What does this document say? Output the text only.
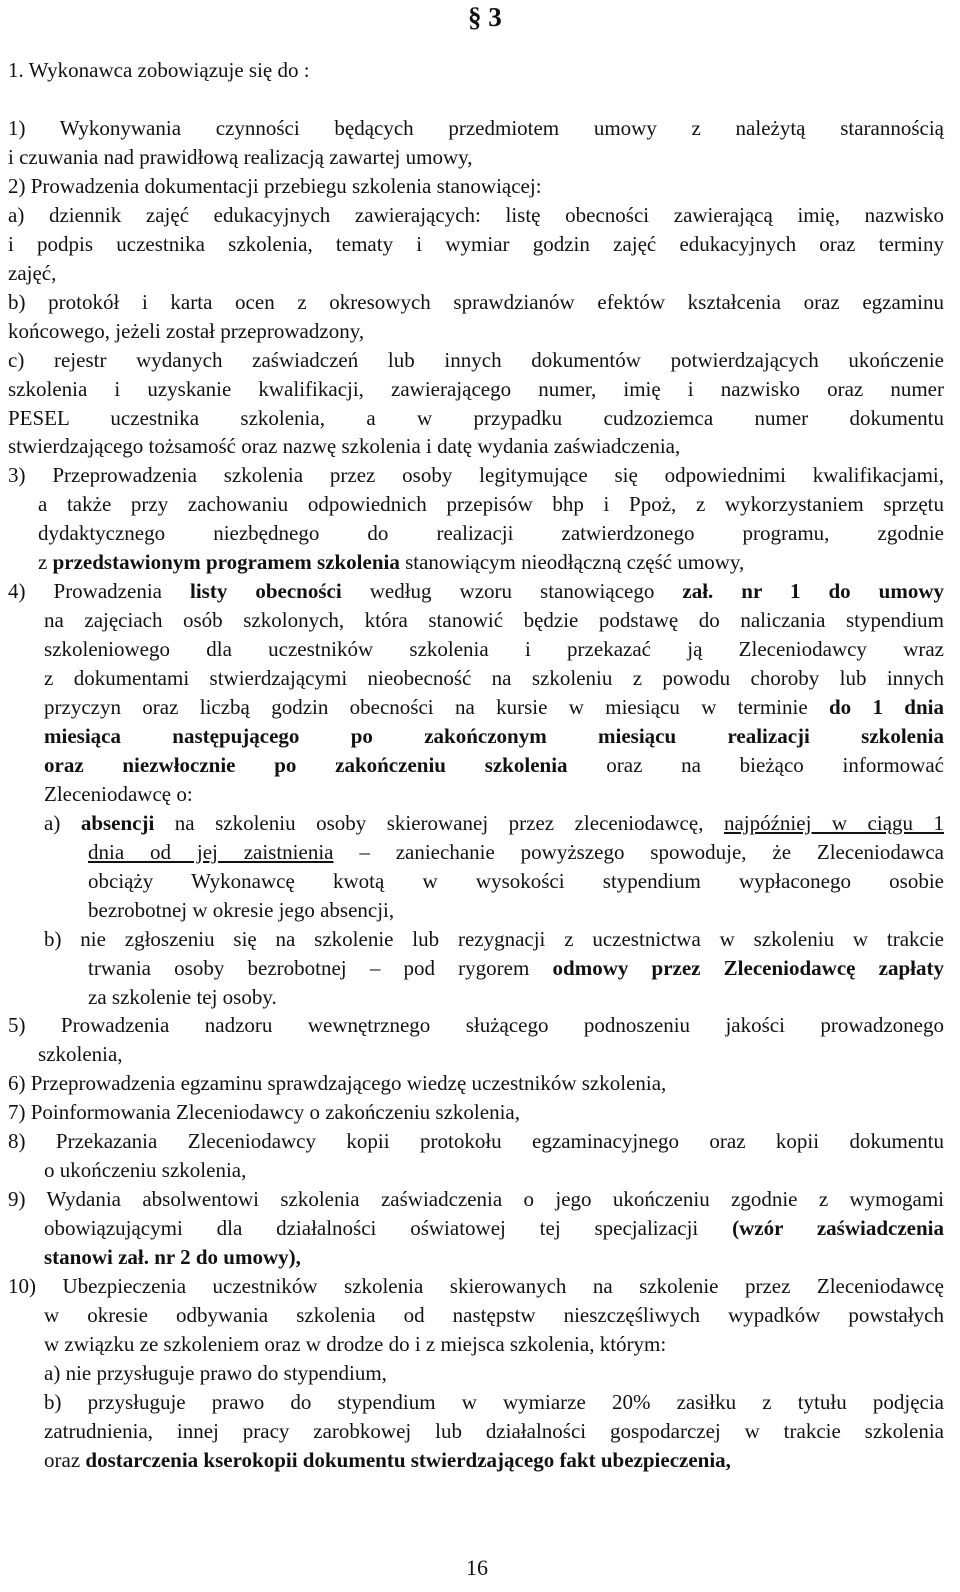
§ 3
1. Wykonawca zobowiązuje się do :
1) Wykonywania czynności będących przedmiotem umowy z należytą starannością
i czuwania nad prawidłową realizacją zawartej umowy,
2) Prowadzenia dokumentacji przebiegu szkolenia stanowiącej:
a) dziennik zajęć edukacyjnych zawierających: listę obecności zawierającą imię, nazwisko
i podpis uczestnika szkolenia, tematy i wymiar godzin zajęć edukacyjnych oraz terminy
zajęć,
b) protokół i karta ocen z okresowych sprawdzianów efektów kształcenia oraz egzaminu
końcowego, jeżeli został przeprowadzony,
c) rejestr wydanych zaświadczeń lub innych dokumentów potwierdzających ukończenie
szkolenia i uzyskanie kwalifikacji, zawierającego numer, imię i nazwisko oraz numer
PESEL uczestnika szkolenia, a w przypadku cudzoziemca numer dokumentu
stwierdzającego tożsamość oraz nazwę szkolenia i datę wydania zaświadczenia,
3) Przeprowadzenia szkolenia przez osoby legitymujące się odpowiednimi kwalifikacjami,
a także przy zachowaniu odpowiednich przepisów bhp i Ppoż, z wykorzystaniem sprzętu
dydaktycznego niezbędnego do realizacji zatwierdzonego programu, zgodnie
z przedstawionym programem szkolenia stanowiącym nieodłączną część umowy,
4) Prowadzenia listy obecności według wzoru stanowiącego zał. nr 1 do umowy
na zajęciach osób szkolonych, która stanowić będzie podstawę do naliczania stypendium
szkoleniowego dla uczestników szkolenia i przekazać ją Zleceniodawcy wraz
z dokumentami stwierdzającymi nieobecność na szkoleniu z powodu choroby lub innych
przyczyn oraz liczbą godzin obecności na kursie w miesiącu w terminie do 1 dnia
miesiąca następującego po zakończonym miesiącu realizacji szkolenia
oraz niezwłocznie po zakończeniu szkolenia oraz na bieżąco informować
Zleceniodawcę o:
a) absencji na szkoleniu osoby skierowanej przez zleceniodawcę, najpóźniej w ciągu 1
dnia od jej zaistnienia – zaniechanie powyższego spowoduje, że Zleceniodawca
obciąży Wykonawcę kwotą w wysokości stypendium wypłaconego osobie
bezrobotnej w okresie jego absencji,
b) nie zgłoszeniu się na szkolenie lub rezygnacji z uczestnictwa w szkoleniu w trakcie
trwania osoby bezrobotnej – pod rygorem odmowy przez Zleceniodawcę zapłaty
za szkolenie tej osoby.
5) Prowadzenia nadzoru wewnętrznego służącego podnoszeniu jakości prowadzonego
szkolenia,
6) Przeprowadzenia egzaminu sprawdzającego wiedzę uczestników szkolenia,
7) Poinformowania Zleceniodawcy o zakończeniu szkolenia,
8) Przekazania Zleceniodawcy kopii protokołu egzaminacyjnego oraz kopii dokumentu
o ukończeniu szkolenia,
9) Wydania absolwentowi szkolenia zaświadczenia o jego ukończeniu zgodnie z wymogami
obowiązującymi dla działalności oświatowej tej specjalizacji (wzór zaświadczenia
stanowi zał. nr 2 do umowy),
10) Ubezpieczenia uczestników szkolenia skierowanych na szkolenie przez Zleceniodawcę
w okresie odbywania szkolenia od następstw nieszczęśliwych wypadków powstałych
w związku ze szkoleniem oraz w drodze do i z miejsca szkolenia, którym:
a) nie przysługuje prawo do stypendium,
b) przysługuje prawo do stypendium w wymiarze 20% zasiłku z tytułu podjęcia
zatrudnienia, innej pracy zarobkowej lub działalności gospodarczej w trakcie szkolenia
oraz dostarczenia kserokopii dokumentu stwierdzającego fakt ubezpieczenia,
16
